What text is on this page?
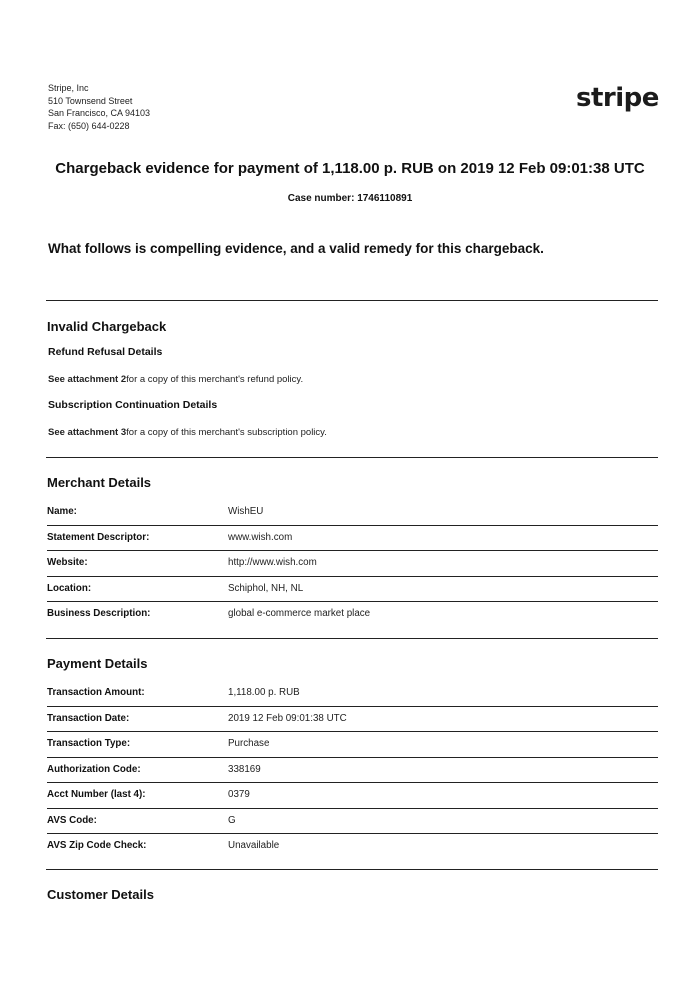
Stripe, Inc
510 Townsend Street
San Francisco, CA 94103
Fax: (650) 644-0228
stripe
Chargeback evidence for payment of 1,118.00 p. RUB on 2019 12 Feb 09:01:38 UTC
Case number: 1746110891
What follows is compelling evidence, and a valid remedy for this chargeback.
Invalid Chargeback
Refund Refusal Details
See attachment 2for a copy of this merchant's refund policy.
Subscription Continuation Details
See attachment 3for a copy of this merchant's subscription policy.
Merchant Details
Name:	WishEU
Statement Descriptor:	www.wish.com
Website:	http://www.wish.com
Location:	Schiphol, NH, NL
Business Description:	global e-commerce market place
Payment Details
Transaction Amount:	1,118.00 p. RUB
Transaction Date:	2019 12 Feb 09:01:38 UTC
Transaction Type:	Purchase
Authorization Code:	338169
Acct Number (last 4):	0379
AVS Code:	G
AVS Zip Code Check:	Unavailable
Customer Details
